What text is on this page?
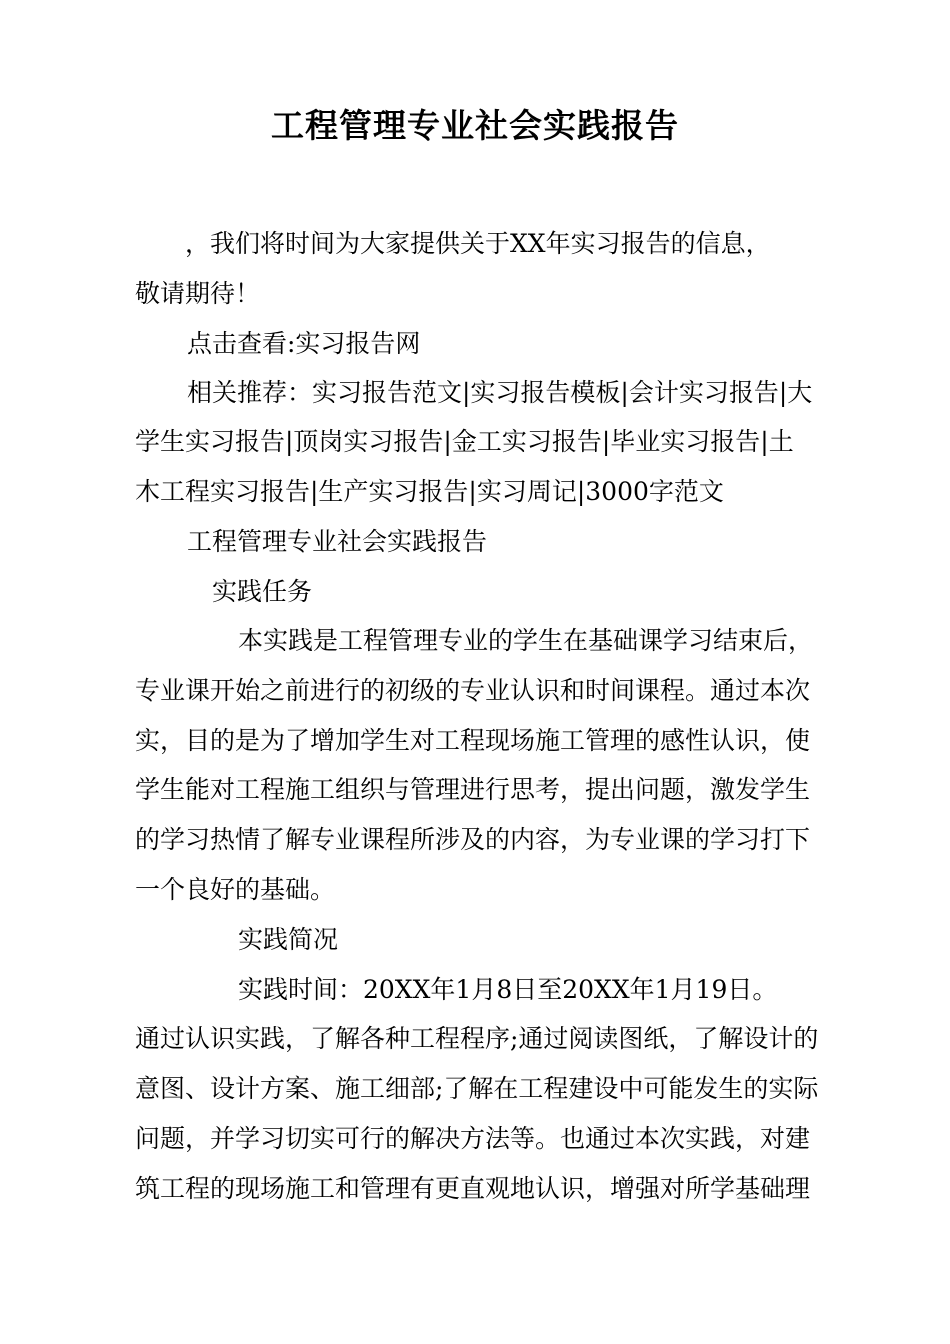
工程管理专业社会实践报告

，我们将时间为大家提供关于XX年实习报告的信息，

敬请期待！

点击查看:实习报告网

相关推荐：实习报告范文|实习报告模板|会计实习报告|大

学生实习报告|顶岗实习报告|金工实习报告|毕业实习报告|土

木工程实习报告|生产实习报告|实习周记|3000字范文

工程管理专业社会实践报告

实践任务

本实践是工程管理专业的学生在基础课学习结束后，

专业课开始之前进行的初级的专业认识和时间课程。通过本次

实，目的是为了增加学生对工程现场施工管理的感性认识，使

学生能对工程施工组织与管理进行思考，提出问题，激发学生

的学习热情了解专业课程所涉及的内容，为专业课的学习打下

一个良好的基础。

实践简况

实践时间：20XX年1月8日至20XX年1月19日。

通过认识实践，了解各种工程程序;通过阅读图纸，了解设计的

意图、设计方案、施工细部;了解在工程建设中可能发生的实际

问题，并学习切实可行的解决方法等。也通过本次实践，对建

筑工程的现场施工和管理有更直观地认识，增强对所学基础理
